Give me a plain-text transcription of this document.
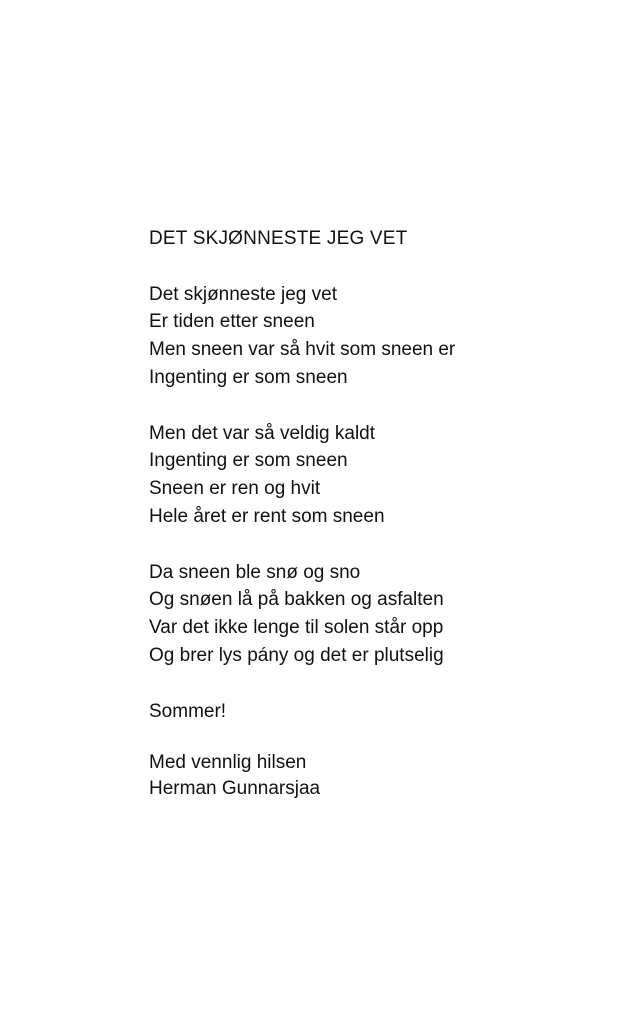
DET SKJØNNESTE JEG VET
Det skjønneste jeg vet
Er tiden etter sneen
Men sneen var så hvit som sneen er
Ingenting er som sneen
Men det var så veldig kaldt
Ingenting er som sneen
Sneen er ren og hvit
Hele året er rent som sneen
Da sneen ble snø og sno
Og snøen lå på bakken og asfalten
Var det ikke lenge til solen står opp
Og brer lys pány og det er plutselig
Sommer!
Med vennlig hilsen
Herman Gunnarsjaa
